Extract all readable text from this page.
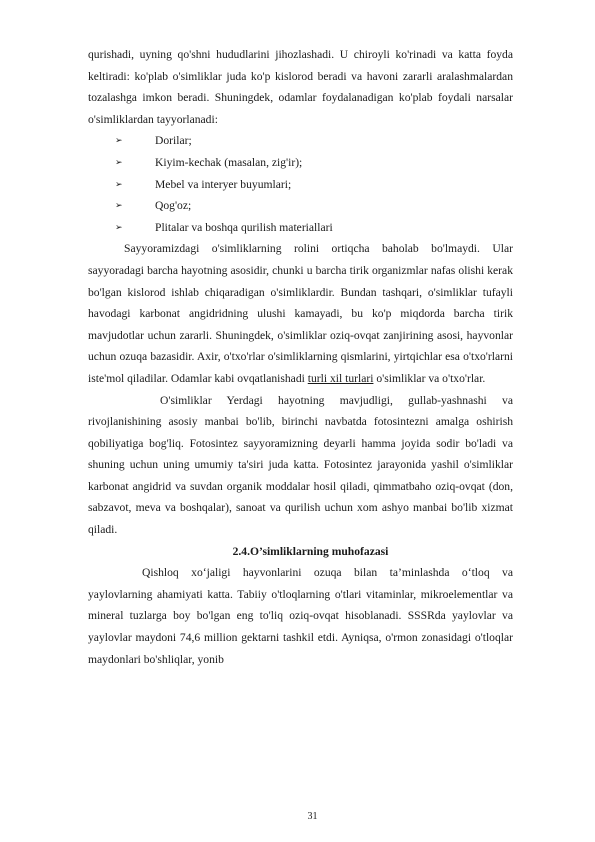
qurishadi, uyning qo'shni hududlarini jihozlashadi. U chiroyli ko'rinadi va katta foyda keltiradi: ko'plab o'simliklar juda ko'p kislorod beradi va havoni zararli aralashmalardan tozalashga imkon beradi. Shuningdek, odamlar foydalanadigan ko'plab foydali narsalar o'simliklardan tayyorlanadi:

➢	Dorilar;
➢	Kiyim-kechak (masalan, zig'ir);
➢	Mebel va interyer buyumlari;
➢	Qog'oz;
➢	Plitalar va boshqa qurilish materiallari

Sayyoramizdagi o'simliklarning rolini ortiqcha baholab bo'lmaydi. Ular sayyoradagi barcha hayotning asosidir, chunki u barcha tirik organizmlar nafas olishi kerak bo'lgan kislorod ishlab chiqaradigan o'simliklardir. Bundan tashqari, o'simliklar tufayli havodagi karbonat angidridning ulushi kamayadi, bu ko'p miqdorda barcha tirik mavjudotlar uchun zararli. Shuningdek, o'simliklar oziq-ovqat zanjirining asosi, hayvonlar uchun ozuqa bazasidir. Axir, o'txo'rlar o'simliklarning qismlarini, yirtqichlar esa o'txo'rlarni iste'mol qiladilar. Odamlar kabi ovqatlanishadi turli xil turlari o'simliklar va o'txo'rlar.

O'simliklar Yerdagi hayotning mavjudligi, gullab-yashnashi va rivojlanishining asosiy manbai bo'lib, birinchi navbatda fotosintezni amalga oshirish qobiliyatiga bog'liq. Fotosintez sayyoramizning deyarli hamma joyida sodir bo'ladi va shuning uchun uning umumiy ta'siri juda katta. Fotosintez jarayonida yashil o'simliklar karbonat angidrid va suvdan organik moddalar hosil qiladi, qimmatbaho oziq-ovqat (don, sabzavot, meva va boshqalar), sanoat va qurilish uchun xom ashyo manbai bo'lib xizmat qiladi.

2.4.O’simliklarning muhofazasi

Qishloq xo‘jaligi hayvonlarini ozuqa bilan ta’minlashda o‘tloq va yaylovlarning ahamiyati katta. Tabiiy o'tloqlarning o'tlari vitaminlar, mikroelementlar va mineral tuzlarga boy bo'lgan eng to'liq oziq-ovqat hisoblanadi. SSSRda yaylovlar va yaylovlar maydoni 74,6 million gektarni tashkil etdi. Ayniqsa, o'rmon zonasidagi o'tloqlar maydonlari bo'shliqlar, yonib

31
